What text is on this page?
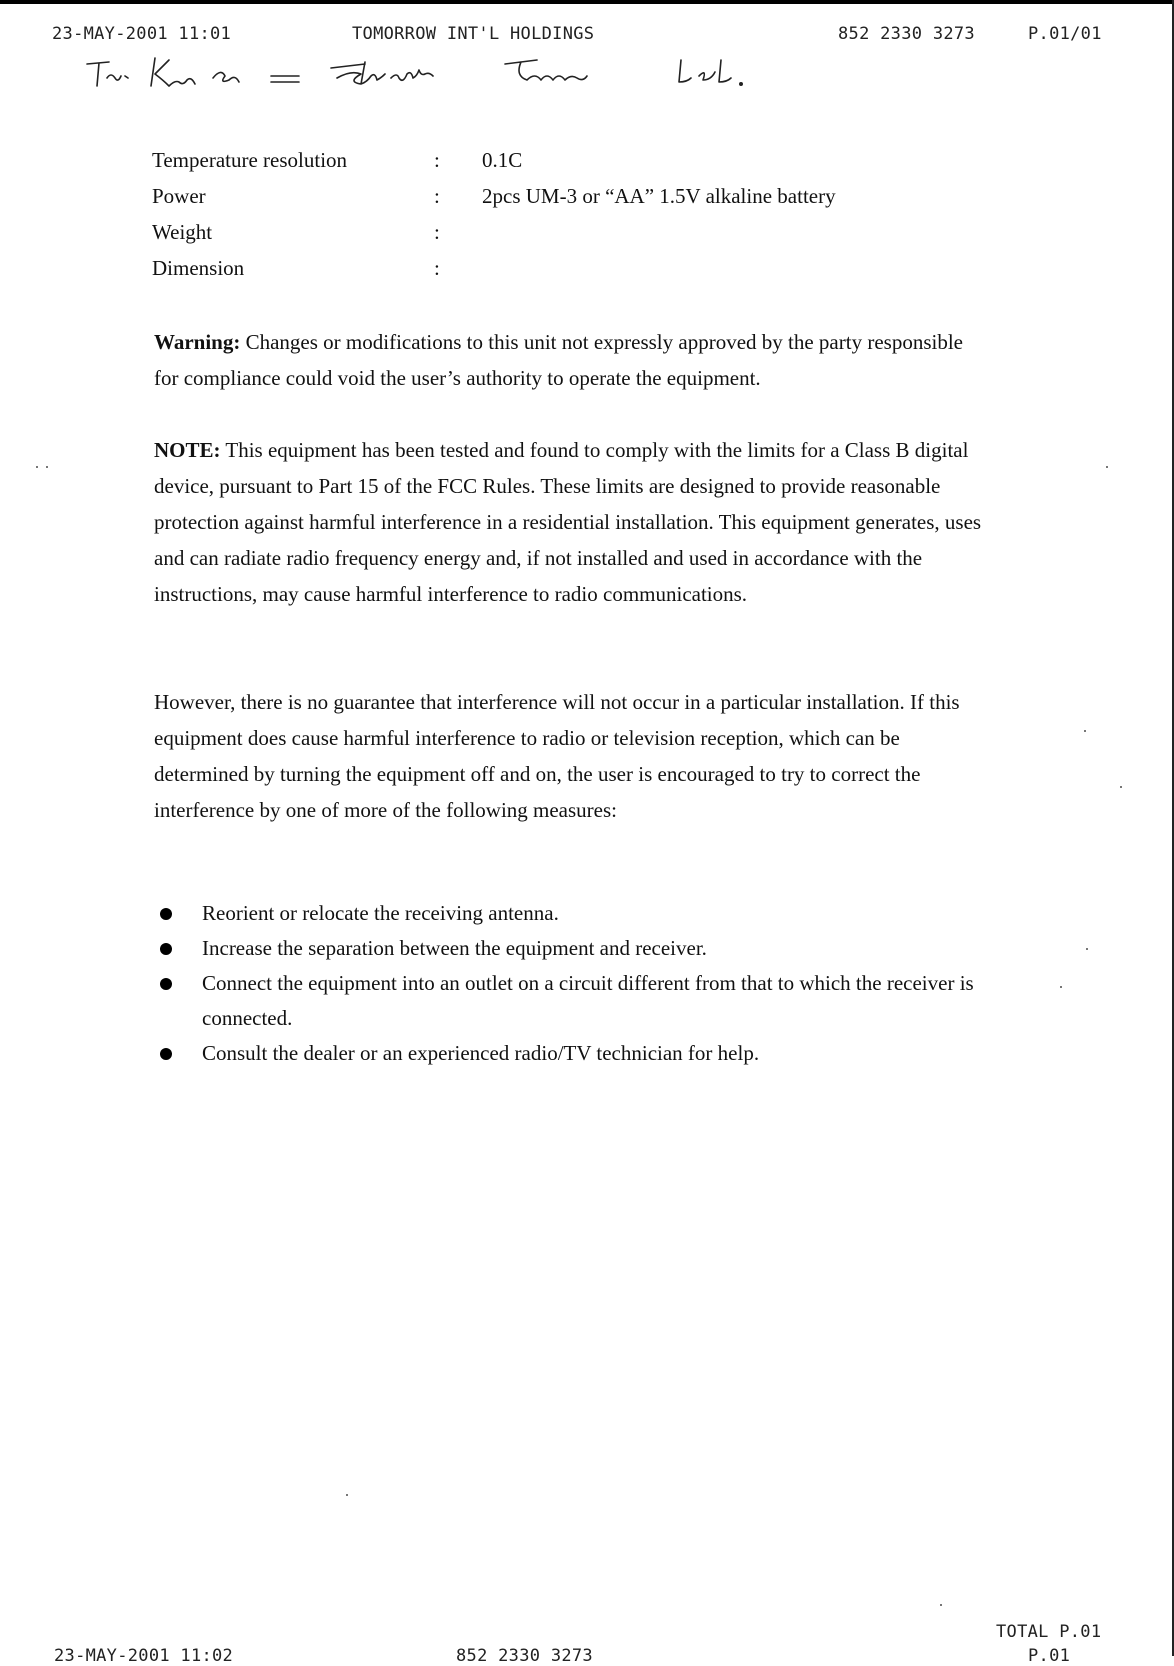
23-MAY-2001 11:01	TOMORROW INT'L HOLDINGS	852 2330 3273	P.01/01
Temperature resolution	:	0.1C
Power	:	2pcs UM-3 or “AA” 1.5V alkaline battery
Weight	:
Dimension	:

Warning: Changes or modifications to this unit not expressly approved by the party responsible for compliance could void the user’s authority to operate the equipment.

NOTE: This equipment has been tested and found to comply with the limits for a Class B digital device, pursuant to Part 15 of the FCC Rules. These limits are designed to provide reasonable protection against harmful interference in a residential installation. This equipment generates, uses and can radiate radio frequency energy and, if not installed and used in accordance with the instructions, may cause harmful interference to radio communications.

However, there is no guarantee that interference will not occur in a particular installation. If this equipment does cause harmful interference to radio or television reception, which can be determined by turning the equipment off and on, the user is encouraged to try to correct the interference by one of more of the following measures:

Reorient or relocate the receiving antenna.
Increase the separation between the equipment and receiver.
Connect the equipment into an outlet on a circuit different from that to which the receiver is connected.
Consult the dealer or an experienced radio/TV technician for help.
TOTAL P.01
23-MAY-2001 11:02	852 2330 3273	P.01
